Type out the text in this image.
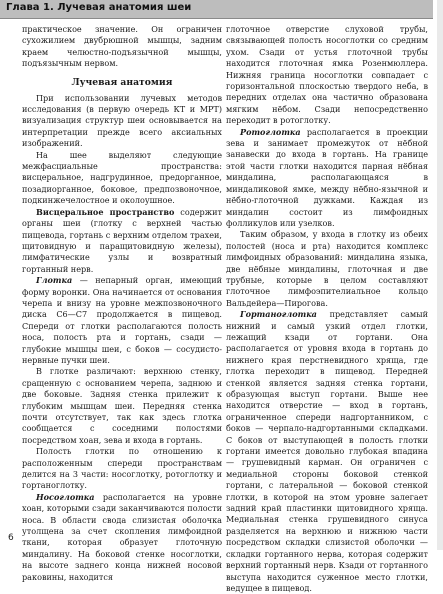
Глава 1. Лучевая анатомия шеи

практическое значение. Он ограничен сухожилием двубрюшной мышцы, задним краем челюстно-подъязычной мышцы, подъязычным нервом.

Лучевая анатомия

При использовании лучевых методов исследования (в первую очередь КТ и МРТ) визуализация структур шеи основывается на интерпретации прежде всего аксиальных изображений.

На шее выделяют следующие межфасциальные пространства: висцеральное, надгрудинное, предорганное, позадиорганное, боковое, предпозвоночное, подкинжечелостное и околоушное.

Висцеральное пространство содержит органы шеи (глотку с верхней частью пищевода, гортань с верхним отделом трахеи, щитовидную и паращитовидную железы), лимфатические узлы и возвратный гортанный нерв.

Глотка — непарный орган, имеющий форму воронки. Она начинается от основания черепа и внизу на уровне межпозвоночного диска C6—C7 продолжается в пищевод. Спереди от глотки располагаются полость носа, полость рта и гортань, сзади — глубокие мышцы шеи, с боков — сосудисто-нервные пучки шеи.

В глотке различают: верхнюю стенку, сращенную с основанием черепа, заднюю и две боковые. Задняя стенка прилежит к глубоким мышцам шеи. Передняя стенка почти отсутствует, так как здесь глотка сообщается с соседними полостями посредством хоан, зева и входа в гортань.

Полость глотки по отношению к расположенным спереди пространствам делится на 3 части: носоглотку, ротоглотку и гортаноглотку.

Носоглотка располагается на уровне хоан, которыми сзади заканчиваются полости носа. В области свода слизистая оболочка утолщена за счет скопления лимфоидной ткани, которая образует глоточную миндалину. На боковой стенке носоглотки, на высоте заднего конца нижней носовой раковины, находится

глоточное отверстие слуховой трубы, связывающей полость носоглотки со средним ухом. Сзади от устья глоточной трубы находится глоточная ямка Розенмюллера. Нижняя граница носоглотки совпадает с горизонтальной плоскостью твердого неба, в передних отделах она частично образована мягким нёбом. Сзади непосредственно переходит в ротоглотку.

Ротоглотка располагается в проекции зева и занимает промежуток от нёбной занавески до входа в гортань. На границе этой части глотки находится парная нёбная миндалина, располагающаяся в миндаликовой ямке, между нёбно-язычной и нёбно-глоточной дужками. Каждая из миндалин состоит из лимфоидных фолликулов или узелков.

Таким образом, у входа в глотку из обеих полостей (носа и рта) находится комплекс лимфоидных образований: миндалина языка, две нёбные миндалины, глоточная и две трубные, которые в целом составляют глоточное лимфоэпителиальное кольцо Вальдейера—Пирогова.

Гортаноглотка представляет самый нижний и самый узкий отдел глотки, лежащий кзади от гортани. Она располагается от уровня входа в гортань до нижнего края перстневидного хряща, где глотка переходит в пищевод. Передней стенкой является задняя стенка гортани, образующая выступ гортани. Выше нее находится отверстие — вход в гортань, ограниченное спереди надгортанником, с боков — черпало-надгортанными складками. С боков от выступающей в полость глотки гортани имеется довольно глубокая впадина — грушевидный карман. Он ограничен с медиальной стороны боковой стенкой гортани, с латеральной — боковой стенкой глотки, в которой на этом уровне залегает задний край пластинки щитовидного хряща. Медиальная стенка грушевидного синуса разделяется на верхнюю и нижнюю части посредством складки слизистой оболочки — складки гортанного нерва, которая содержит верхний гортанный нерв. Кзади от гортанного выступа находится суженное место глотки, ведущее в пищевод.

6
